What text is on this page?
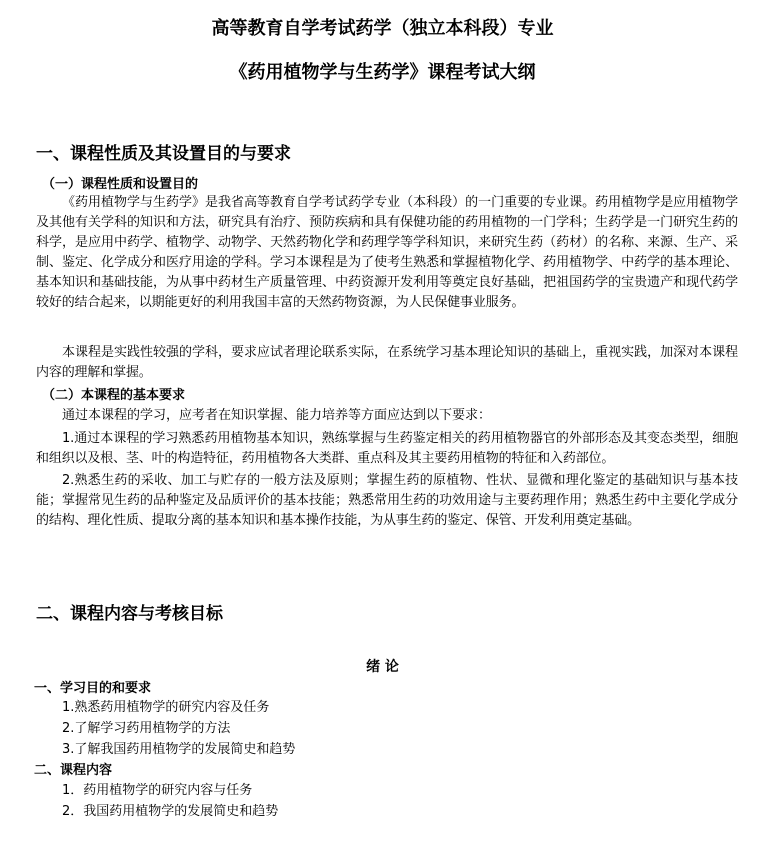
高等教育自学考试药学（独立本科段）专业
《药用植物学与生药学》课程考试大纲
一、课程性质及其设置目的与要求
（一）课程性质和设置目的
《药用植物学与生药学》是我省高等教育自学考试药学专业（本科段）的一门重要的专业课。药用植物学是应用植物学及其他有关学科的知识和方法，研究具有治疗、预防疾病和具有保健功能的药用植物的一门学科；生药学是一门研究生药的科学，是应用中药学、植物学、动物学、天然药物化学和药理学等学科知识，来研究生药（药材）的名称、来源、生产、采制、鉴定、化学成分和医疗用途的学科。学习本课程是为了使考生熟悉和掌握植物化学、药用植物学、中药学的基本理论、基本知识和基础技能，为从事中药材生产质量管理、中药资源开发利用等奠定良好基础，把祖国药学的宝贵遗产和现代药学较好的结合起来，以期能更好的利用我国丰富的天然药物资源，为人民保健事业服务。
本课程是实践性较强的学科，要求应试者理论联系实际，在系统学习基本理论知识的基础上，重视实践，加深对本课程内容的理解和掌握。
（二）本课程的基本要求
通过本课程的学习，应考者在知识掌握、能力培养等方面应达到以下要求：
1.通过本课程的学习熟悉药用植物基本知识，熟练掌握与生药鉴定相关的药用植物器官的外部形态及其变态类型，细胞和组织以及根、茎、叶的构造特征，药用植物各大类群、重点科及其主要药用植物的特征和入药部位。
2.熟悉生药的采收、加工与贮存的一般方法及原则；掌握生药的原植物、性状、显微和理化鉴定的基础知识与基本技能；掌握常见生药的品种鉴定及品质评价的基本技能；熟悉常用生药的功效用途与主要药理作用；熟悉生药中主要化学成分的结构、理化性质、提取分离的基本知识和基本操作技能，为从事生药的鉴定、保管、开发利用奠定基础。
二、课程内容与考核目标
绪 论
一、学习目的和要求
1.熟悉药用植物学的研究内容及任务
2.了解学习药用植物学的方法
3.了解我国药用植物学的发展简史和趋势
二、课程内容
1．药用植物学的研究内容与任务
2．我国药用植物学的发展简史和趋势
